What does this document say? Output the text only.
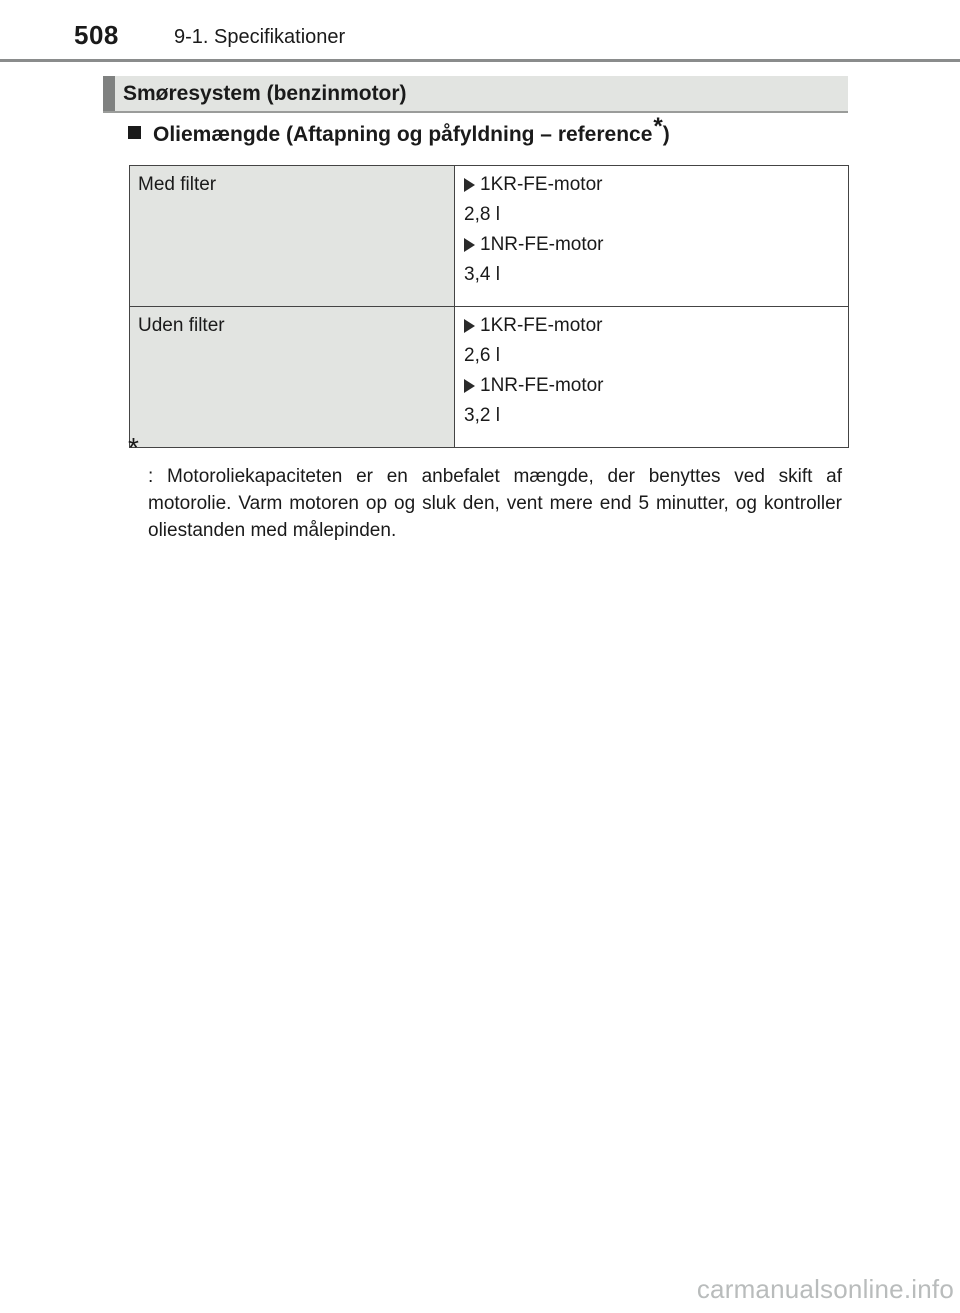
508	9-1. Specifikationer
Smøresystem (benzinmotor)
Oliemængde (Aftapning og påfyldning – reference*)
Med filter	1KR-FE-motor
2,8 l
1NR-FE-motor
3,4 l

Uden filter	1KR-FE-motor
2,6 l
1NR-FE-motor
3,2 l
*
: Motoroliekapaciteten er en anbefalet mængde, der benyttes ved skift af motorolie. Varm motoren op og sluk den, vent mere end 5 minutter, og kontroller oliestanden med målepinden.
carmanualsonline.info
